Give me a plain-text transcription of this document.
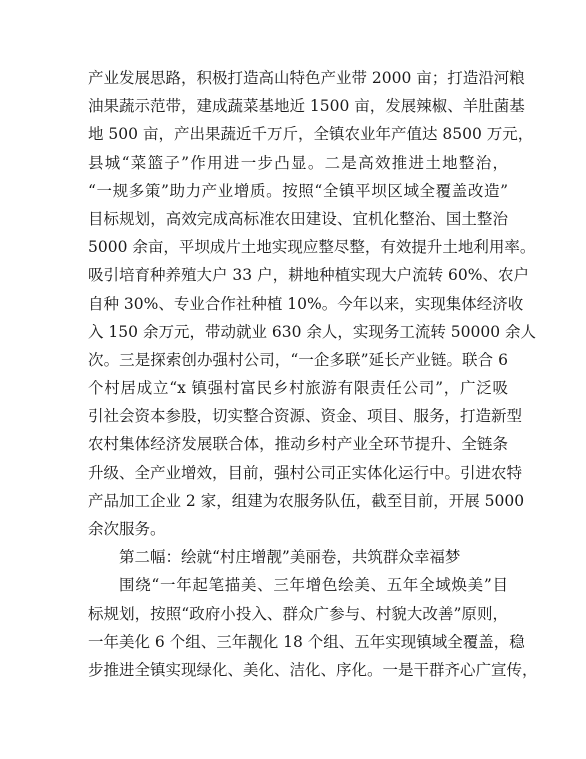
产业发展思路，积极打造高山特色产业带 2000 亩；打造沿河粮
油果蔬示范带，建成蔬菜基地近 1500 亩，发展辣椒、羊肚菌基
地 500 亩，产出果蔬近千万斤，全镇农业年产值达 8500 万元，
县城“菜篮子”作用进一步凸显。二是高效推进土地整治，
“一规多策”助力产业增质。按照“全镇平坝区域全覆盖改造”
目标规划，高效完成高标准农田建设、宜机化整治、国土整治
5000 余亩，平坝成片土地实现应整尽整，有效提升土地利用率。
吸引培育种养殖大户 33 户，耕地种植实现大户流转 60%、农户
自种 30%、专业合作社种植 10%。今年以来，实现集体经济收
入 150 余万元，带动就业 630 余人，实现务工流转 50000 余人
次。三是探索创办强村公司，“一企多联”延长产业链。联合 6
个村居成立“x 镇强村富民乡村旅游有限责任公司”，广泛吸
引社会资本参股，切实整合资源、资金、项目、服务，打造新型
农村集体经济发展联合体，推动乡村产业全环节提升、全链条
升级、全产业增效，目前，强村公司正实体化运行中。引进农特
产品加工企业 2 家，组建为农服务队伍，截至目前，开展 5000
余次服务。
第二幅：绘就“村庄增靓”美丽卷，共筑群众幸福梦
围绕“一年起笔描美、三年增色绘美、五年全域焕美”目
标规划，按照“政府小投入、群众广参与、村貌大改善”原则，
一年美化 6 个组、三年靓化 18 个组、五年实现镇域全覆盖，稳
步推进全镇实现绿化、美化、洁化、序化。一是干群齐心广宣传，
